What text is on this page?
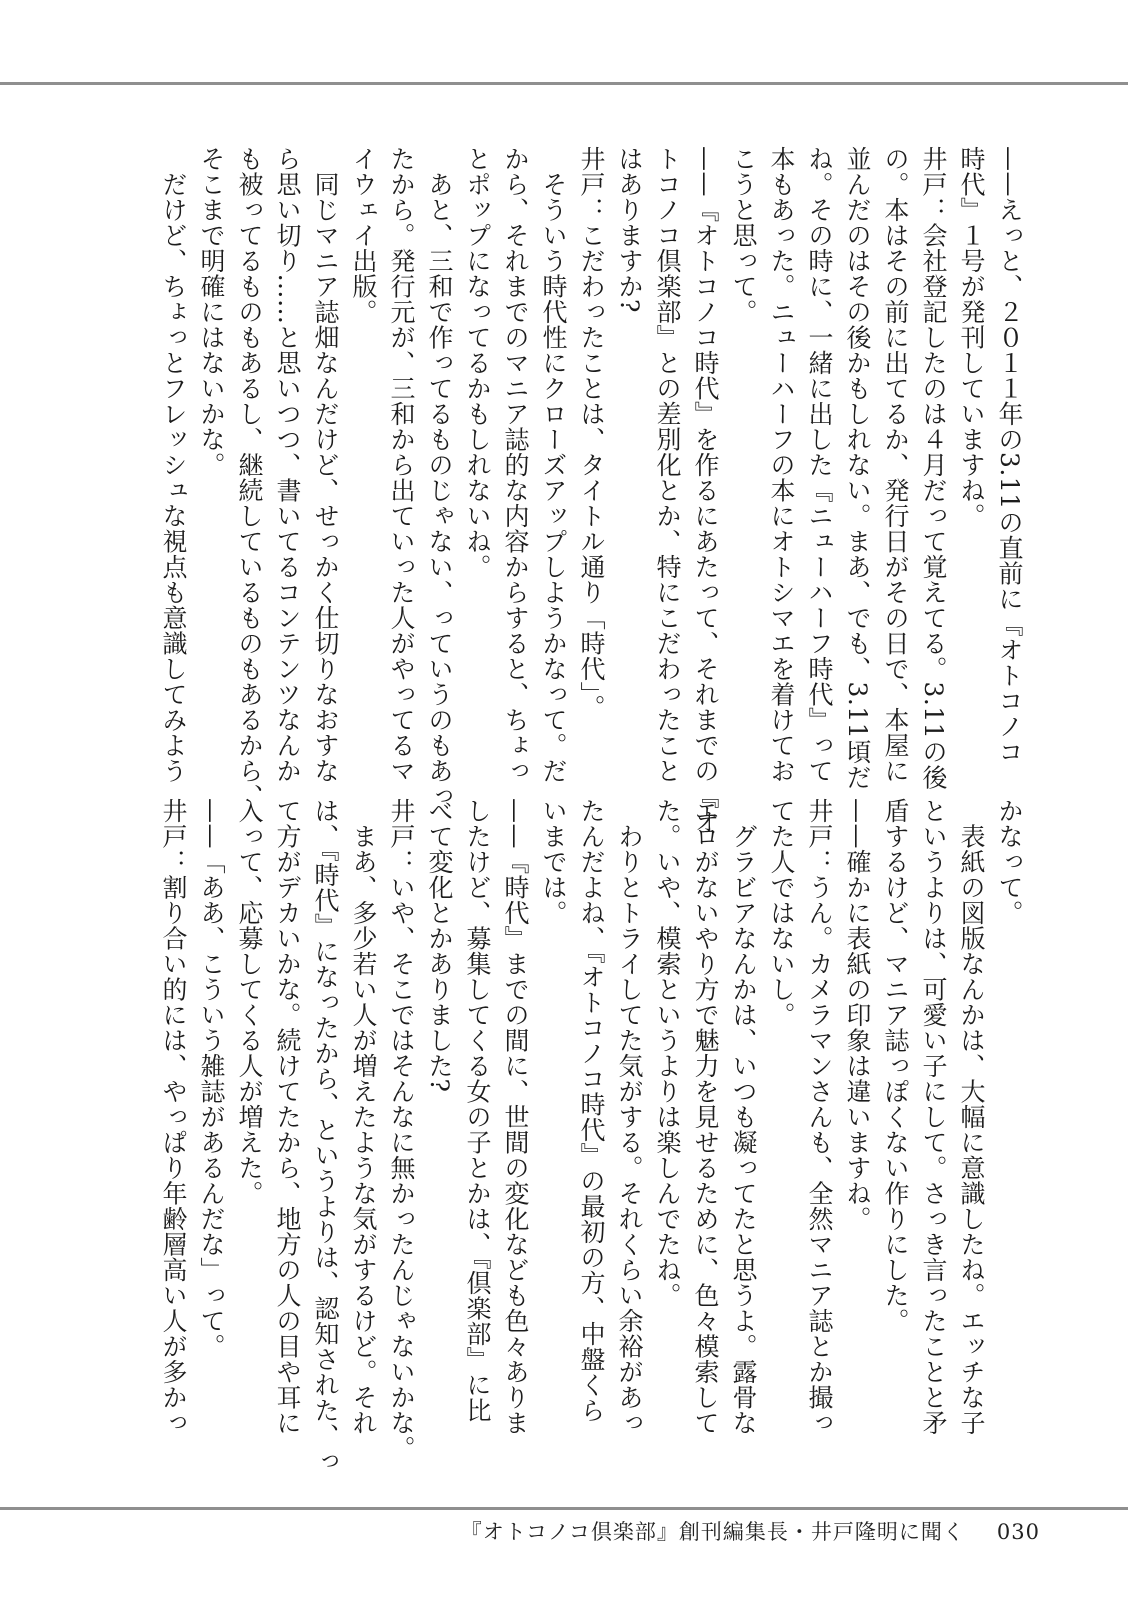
——えっと、２０１１年の3.11の直前に『オトコノコ
時代』１号が発刊していますね。
井戸：会社登記したのは４月だって覚えてる。3.11の後
の。本はその前に出てるか、発行日がその日で、本屋に
並んだのはその後かもしれない。まあ、でも、3.11頃だ
ね。その時に、一緒に出した『ニューハーフ時代』って
本もあった。ニューハーフの本にオトシマエを着けてお
こうと思って。
——『オトコノコ時代』を作るにあたって、それまでの『オ
トコノコ倶楽部』との差別化とか、特にこだわったこと
はありますか?
井戸：こだわったことは、タイトル通り「時代」。
　そういう時代性にクローズアップしようかなって。だ
から、それまでのマニア誌的な内容からすると、ちょっ
とポップになってるかもしれないね。
　あと、三和で作ってるものじゃない、っていうのもあっ
たから。発行元が、三和から出ていった人がやってるマ
イウェイ出版。
　同じマニア誌畑なんだけど、せっかく仕切りなおすな
ら思い切り……と思いつつ、書いてるコンテンツなんか
も被ってるものもあるし、継続しているものもあるから、
そこまで明確にはないかな。
　だけど、ちょっとフレッシュな視点も意識してみよう
かなって。
　表紙の図版なんかは、大幅に意識したね。エッチな子
というよりは、可愛い子にして。さっき言ったことと矛
盾するけど、マニア誌っぽくない作りにした。
——確かに表紙の印象は違いますね。
井戸：うん。カメラマンさんも、全然マニア誌とか撮っ
てた人ではないし。
　グラビアなんかは、いつも凝ってたと思うよ。露骨な
エロがないやり方で魅力を見せるために、色々模索して
た。いや、模索というよりは楽しんでたね。
　わりとトライしてた気がする。それくらい余裕があっ
たんだよね、『オトコノコ時代』の最初の方、中盤くら
いまでは。
——『時代』までの間に、世間の変化なども色々ありま
したけど、募集してくる女の子とかは、『倶楽部』に比
べて変化とかありました?
井戸：いや、そこではそんなに無かったんじゃないかな。
　まあ、多少若い人が増えたような気がするけど。それ
は、『時代』になったから、というよりは、認知された、っ
て方がデカいかな。続けてたから、地方の人の目や耳に
入って、応募してくる人が増えた。
——「ああ、こういう雑誌があるんだな」って。
井戸：割り合い的には、やっぱり年齢層高い人が多かっ
『オトコノコ倶楽部』創刊編集長・井戸隆明に聞く 030
